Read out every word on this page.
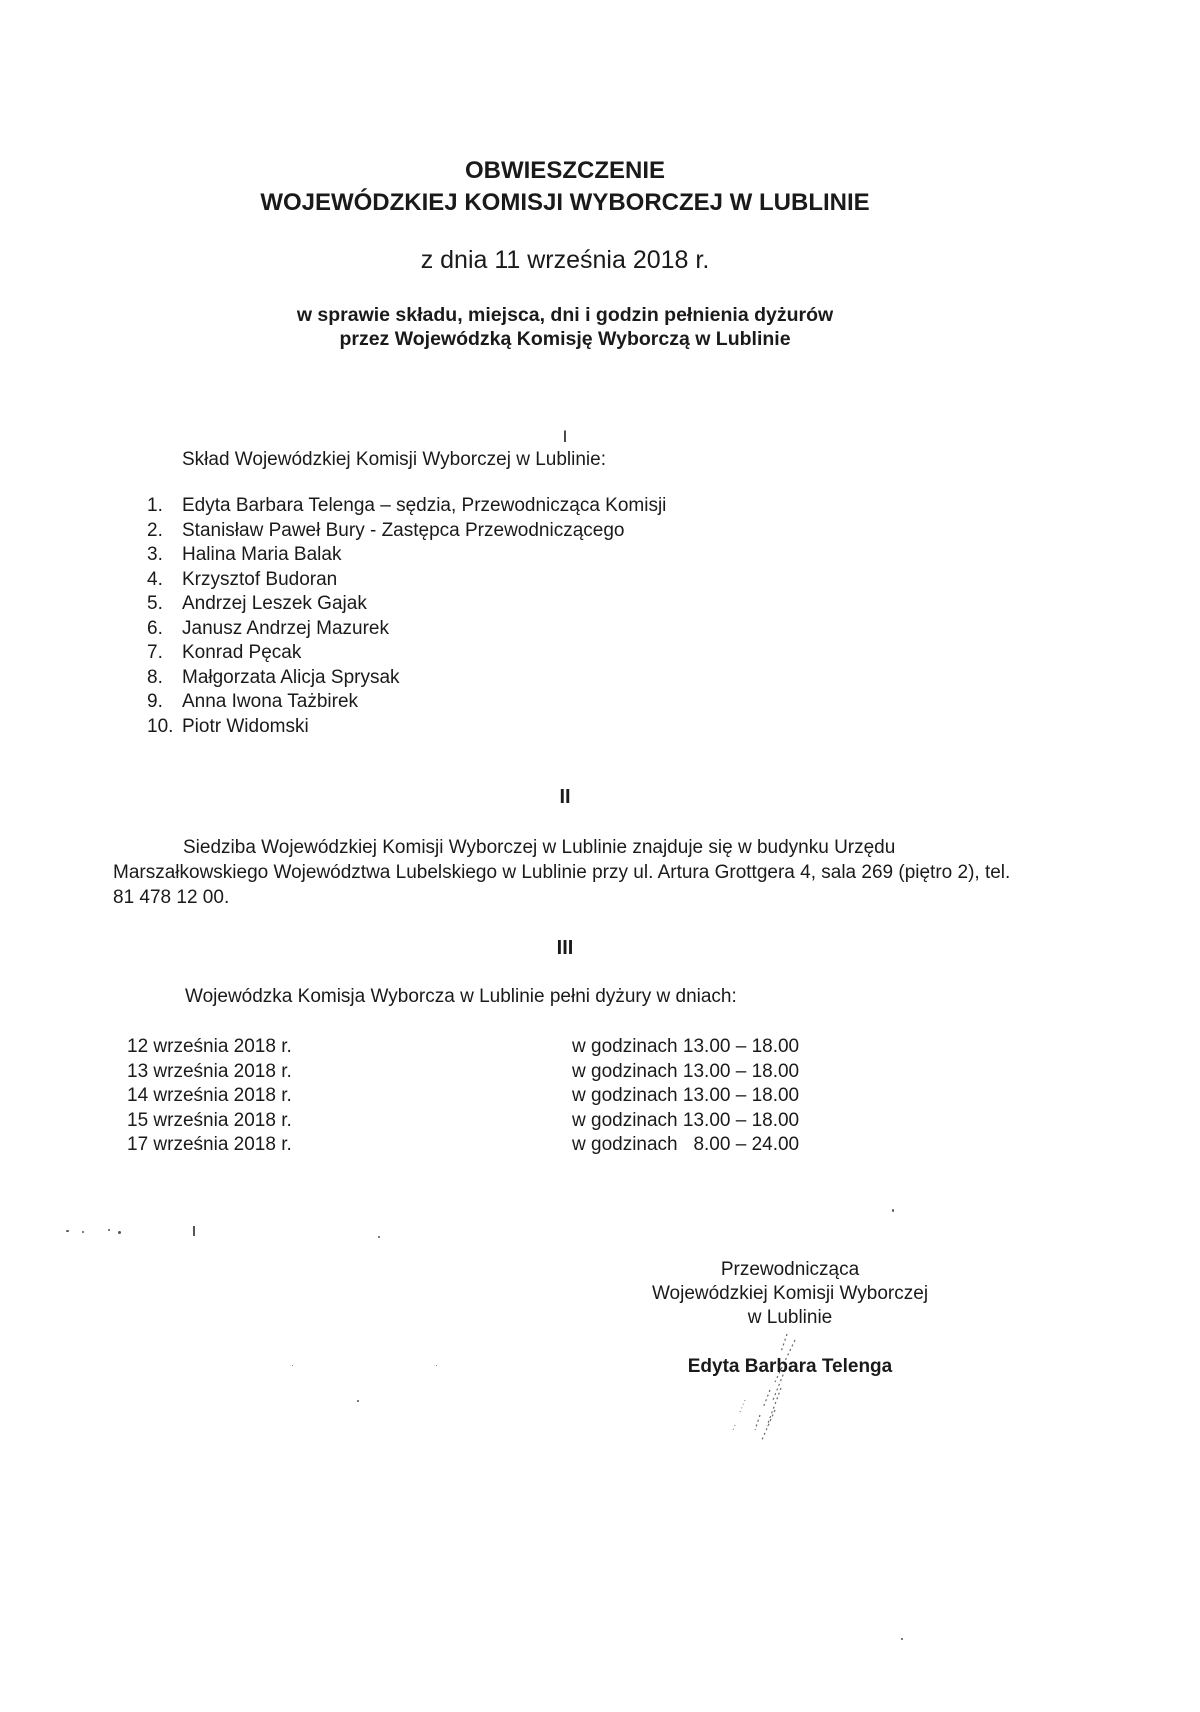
OBWIESZCZENIE
WOJEWÓDZKIEJ KOMISJI WYBORCZEJ W LUBLINIE
z dnia 11 września 2018 r.
w sprawie składu, miejsca, dni i godzin pełnienia dyżurów
przez Wojewódzką Komisję Wyborczą w Lublinie
I
Skład Wojewódzkiej Komisji Wyborczej w Lublinie:
1. Edyta Barbara Telenga – sędzia, Przewodnicząca Komisji
2. Stanisław Paweł Bury - Zastępca Przewodniczącego
3. Halina Maria Balak
4. Krzysztof Budoran
5. Andrzej Leszek Gajak
6. Janusz Andrzej Mazurek
7. Konrad Pęcak
8. Małgorzata Alicja Sprysak
9. Anna Iwona Tażbirek
10. Piotr Widomski
II
Siedziba Wojewódzkiej Komisji Wyborczej w Lublinie znajduje się w budynku Urzędu Marszałkowskiego Województwa Lubelskiego w Lublinie przy ul. Artura Grottgera 4, sala 269 (piętro 2), tel. 81 478 12 00.
III
Wojewódzka Komisja Wyborcza w Lublinie pełni dyżury w dniach:
12 września 2018 r.	w godzinach 13.00 – 18.00
13 września 2018 r.	w godzinach 13.00 – 18.00
14 września 2018 r.	w godzinach 13.00 – 18.00
15 września 2018 r.	w godzinach 13.00 – 18.00
17 września 2018 r.	w godzinach   8.00 – 24.00
Przewodnicząca
Wojewódzkiej Komisji Wyborczej
w Lublinie
Edyta Barbara Telenga
